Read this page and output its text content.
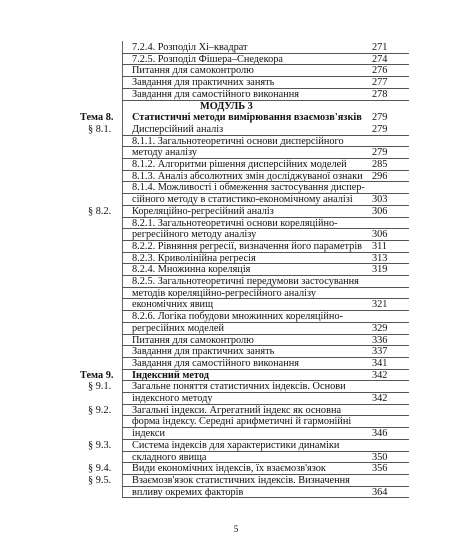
7.2.4. Розподіл Хі–квадрат	271
7.2.5. Розподіл Фішера–Снедекора	274
Питання для самоконтролю	276
Завдання для практичних занять	277
Завдання для самостійного виконання	278
МОДУЛЬ 3
Тема 8. Статистичні методи вимірювання взаємозв'язків 279
§ 8.1. Дисперсійний аналіз	279
8.1.1. Загальнотеоретичні основи дисперсійного
методу аналізу	279
8.1.2. Алгоритми рішення дисперсійних моделей 285
8.1.3. Аналіз абсолютних змін досліджуваної ознаки 296
8.1.4. Можливості і обмеження застосування диспер-
сійного методу в статистико-економічному аналізі 303
§ 8.2. Кореляційно-регресійний аналіз	306
8.2.1. Загальнотеоретичні основи кореляційно-
регресійного методу аналізу	306
8.2.2. Рівняння регресії, визначення його параметрів 311
8.2.3. Криволінійна регресія	313
8.2.4. Множинна кореляція	319
8.2.5. Загальнотеоретичні передумови застосування
методів кореляційно-регресійного аналізу
економічних явищ	321
8.2.6. Логіка побудови множинних кореляційно-
регресійних моделей	329
Питання для самоконтролю	336
Завдання для практичних занять	337
Завдання для самостійного виконання	341
Тема 9. Індексний метод	342
§ 9.1. Загальне поняття статистичних індексів. Основи
індексного методу	342
§ 9.2. Загальні індекси. Агрегатний індекс як основна
форма індексу. Середні арифметичні й гармонійні
індекси	346
§ 9.3. Система індексів для характеристики динаміки
складного явища	350
§ 9.4. Види економічних індексів, їх взаємозв'язок	356
§ 9.5. Взаємозв'язок статистичних індексів. Визначення
впливу окремих факторів	364
5
